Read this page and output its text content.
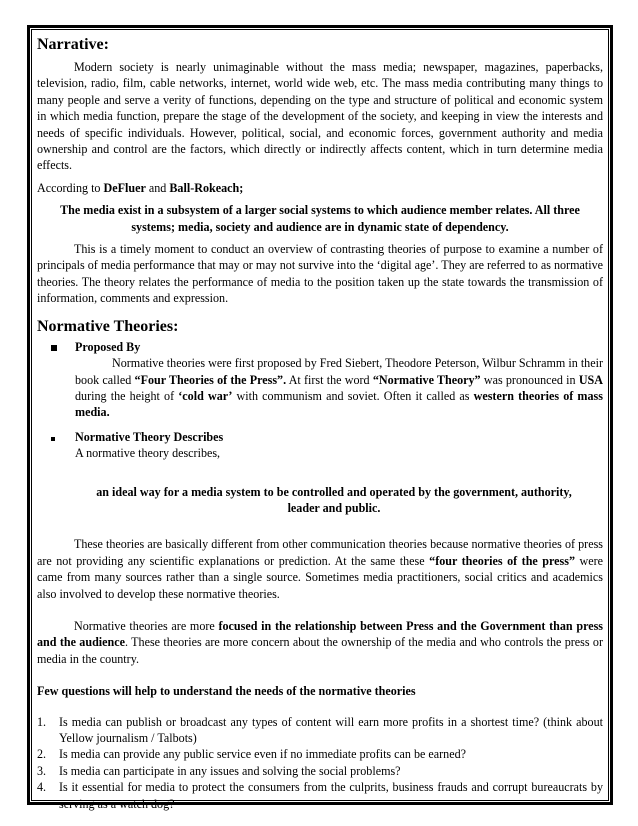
Narrative:

Modern society is nearly unimaginable without the mass media; newspaper, magazines, paperbacks, television, radio, film, cable networks, internet, world wide web, etc. The mass media contributing many things to many people and serve a verity of functions, depending on the type and structure of political and economic system in which media function, prepare the stage of the development of the society, and keeping in view the interests and needs of specific individuals. However, political, social, and economic forces, government authority and media ownership and control are the factors, which directly or indirectly affects content, which in turn determine media effects.

According to DeFluer and Ball-Rokeach;

The media exist in a subsystem of a larger social systems to which audience member relates. All three systems; media, society and audience are in dynamic state of dependency.

This is a timely moment to conduct an overview of contrasting theories of purpose to examine a number of principals of media performance that may or may not survive into the ‘digital age’. They are referred to as normative theories. The theory relates the performance of media to the position taken up the state towards the transmission of information, comments and expression.

Normative Theories:
Proposed By

Normative theories were first proposed by Fred Siebert, Theodore Peterson, Wilbur Schramm in their book called “Four Theories of the Press”. At first the word “Normative Theory” was pronounced in USA during the height of ‘cold war’ with communism and soviet. Often it called as western theories of mass media.

Normative Theory Describes

A normative theory describes,

an ideal way for a media system to be controlled and operated by the government, authority, leader and public.

These theories are basically different from other communication theories because normative theories of press are not providing any scientific explanations or prediction. At the same these “four theories of the press” were came from many sources rather than a single source. Sometimes media practitioners, social critics and academics also involved to develop these normative theories.

Normative theories are more focused in the relationship between Press and the Government than press and the audience. These theories are more concern about the ownership of the media and who controls the press or media in the country.

Few questions will help to understand the needs of the normative theories

1.	Is media can publish or broadcast any types of content will earn more profits in a shortest time? (think about Yellow journalism / Talbots)
2.	Is media can provide any public service even if no immediate profits can be earned?
3.	Is media can participate in any issues and solving the social problems?
4.	Is it essential for media to protect the consumers from the culprits, business frauds and corrupt bureaucrats by serving as a watch dog?
